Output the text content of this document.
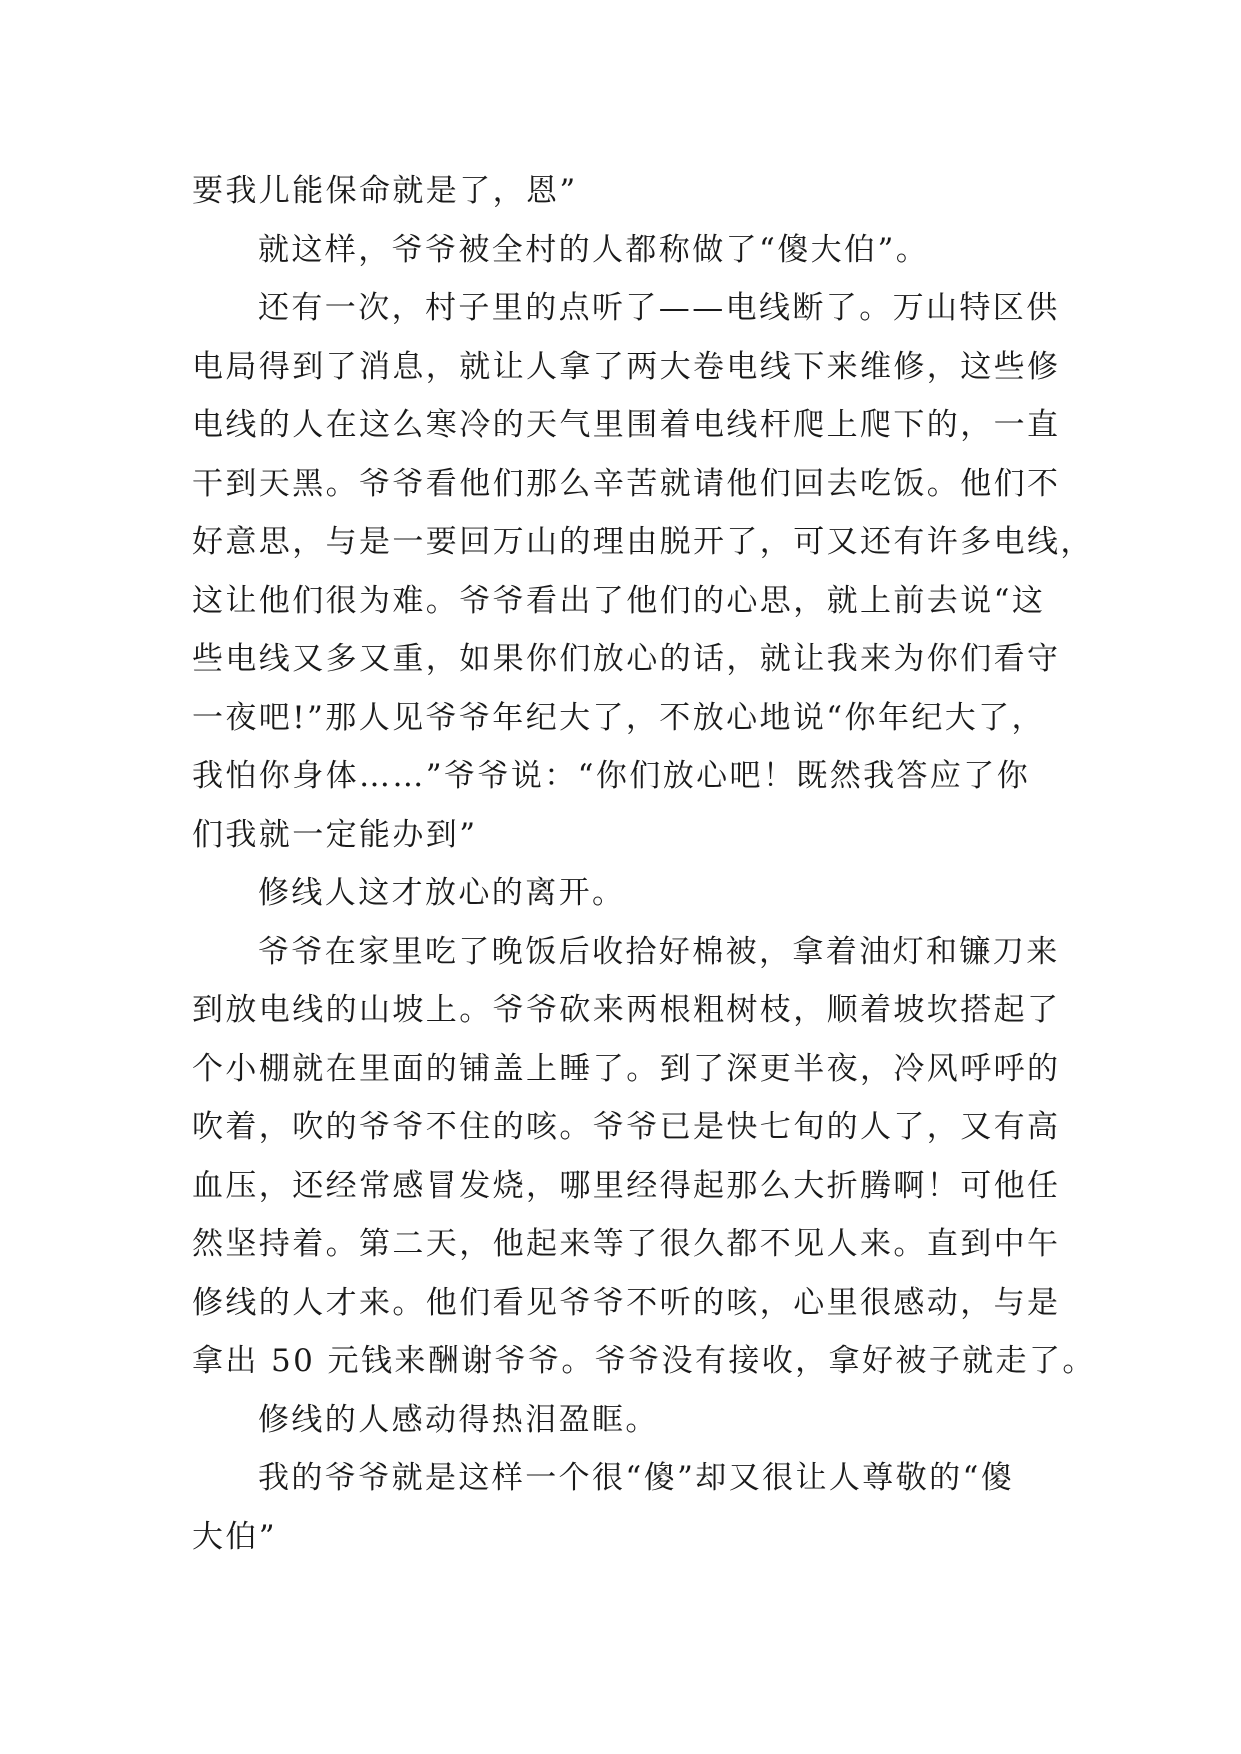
要我儿能保命就是了，恩”
就这样，爷爷被全村的人都称做了“傻大伯”。
还有一次，村子里的点听了——电线断了。万山特区供
电局得到了消息，就让人拿了两大卷电线下来维修，这些修
电线的人在这么寒冷的天气里围着电线杆爬上爬下的，一直
干到天黑。爷爷看他们那么辛苦就请他们回去吃饭。他们不
好意思，与是一要回万山的理由脱开了，可又还有许多电线，
这让他们很为难。爷爷看出了他们的心思，就上前去说“这
些电线又多又重，如果你们放心的话，就让我来为你们看守
一夜吧!”那人见爷爷年纪大了，不放心地说“你年纪大了，
我怕你身体……”爷爷说：“你们放心吧！既然我答应了你
们我就一定能办到”
修线人这才放心的离开。
爷爷在家里吃了晚饭后收拾好棉被，拿着油灯和镰刀来
到放电线的山坡上。爷爷砍来两根粗树枝，顺着坡坎搭起了
个小棚就在里面的铺盖上睡了。到了深更半夜，冷风呼呼的
吹着，吹的爷爷不住的咳。爷爷已是快七旬的人了，又有高
血压，还经常感冒发烧，哪里经得起那么大折腾啊！可他任
然坚持着。第二天，他起来等了很久都不见人来。直到中午
修线的人才来。他们看见爷爷不听的咳，心里很感动，与是
拿出 50 元钱来酬谢爷爷。爷爷没有接收，拿好被子就走了。
修线的人感动得热泪盈眶。
我的爷爷就是这样一个很“傻”却又很让人尊敬的“傻
大伯”
